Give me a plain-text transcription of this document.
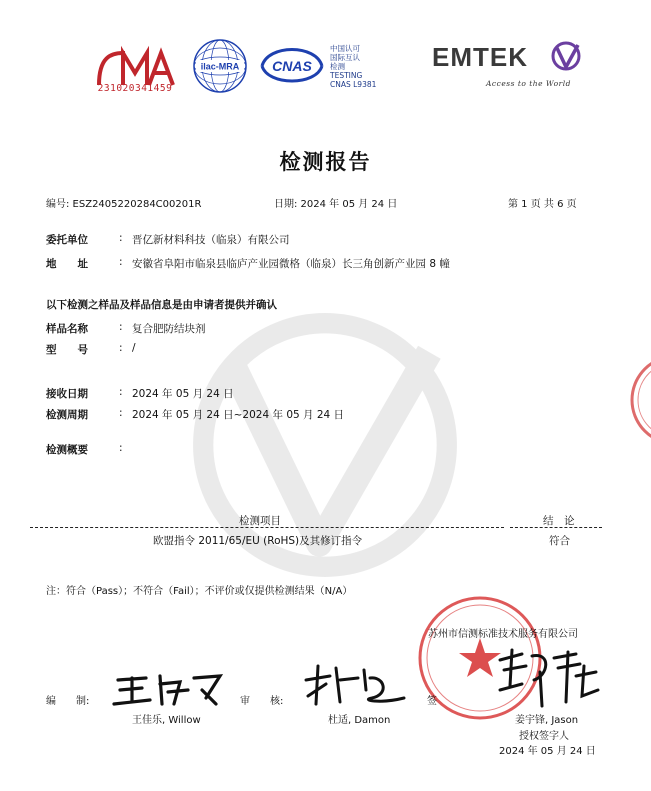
231020341459
ilac-MRA CNAS
中国认可
国际互认
检测
TESTING
CNAS L9381
EMTEK
Access to the World
检测报告
编号: ESZ2405220284C00201R	日期: 2024 年 05 月 24 日	第 1 页 共 6 页
委托单位	: 晋亿新材料科技（临泉）有限公司
地　　址	: 安徽省阜阳市临泉县临庐产业园微格（临泉）长三角创新产业园 8 幢
以下检测之样品及样品信息是由申请者提供并确认
样品名称	: 复合肥防结块剂
型　　号	: /
接收日期	: 2024 年 05 月 24 日
检测周期	: 2024 年 05 月 24 日~2024 年 05 月 24 日
检测概要	:
检测项目	结　论
欧盟指令 2011/65/EU (RoHS)及其修订指令	符合
注：符合（Pass）；不符合（Fail）；不评价或仅提供检测结果（N/A）
苏州市信测标准技术服务有限公司
编　　制:
王佳乐, Willow
审　　核:
杜适, Damon
签
姜宇锋, Jason
授权签字人
2024 年 05 月 24 日
